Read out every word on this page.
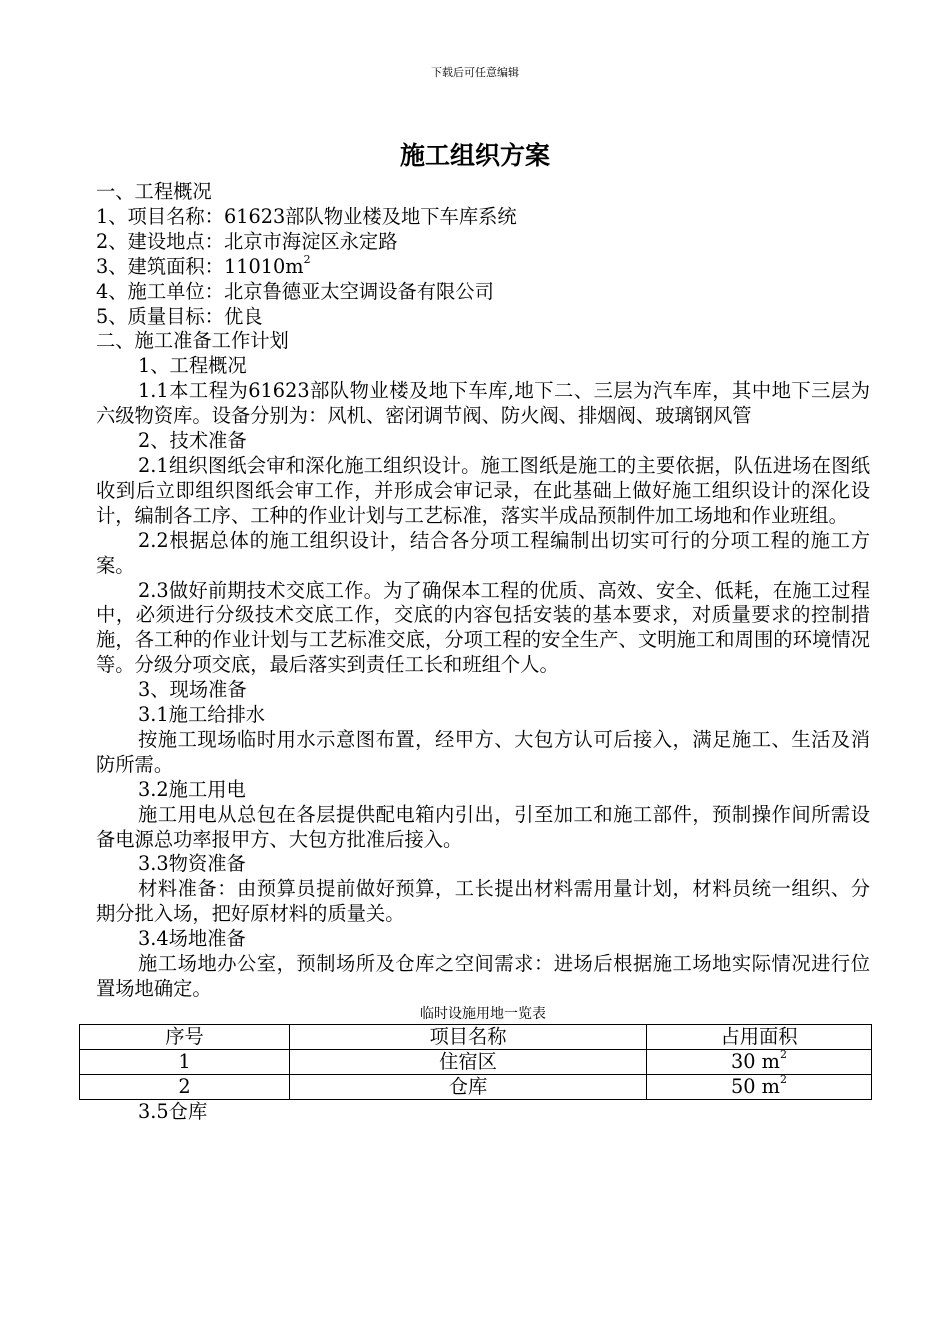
下载后可任意编辑
施工组织方案

一、工程概况

1、项目名称：61623部队物业楼及地下车库系统

2、建设地点：北京市海淀区永定路

3、建筑面积：$11010m^2$

4、施工单位：北京鲁德亚太空调设备有限公司

5、质量目标：优良

二、施工准备工作计划

1、工程概况

1.1本工程为61623部队物业楼及地下车库,地下二、三层为汽车库，其中地下三层为六级物资库。设备分别为：风机、密闭调节阀、防火阀、排烟阀、玻璃钢风管

2、技术准备

2.1组织图纸会审和深化施工组织设计。施工图纸是施工的主要依据，队伍进场在图纸收到后立即组织图纸会审工作，并形成会审记录，在此基础上做好施工组织设计的深化设计，编制各工序、工种的作业计划与工艺标准，落实半成品预制件加工场地和作业班组。

2.2根据总体的施工组织设计，结合各分项工程编制出切实可行的分项工程的施工方案。

2.3做好前期技术交底工作。为了确保本工程的优质、高效、安全、低耗，在施工过程中，必须进行分级技术交底工作，交底的内容包括安装的基本要求，对质量要求的控制措施，各工种的作业计划与工艺标准交底，分项工程的安全生产、文明施工和周围的环境情况等。分级分项交底，最后落实到责任工长和班组个人。

3、现场准备

3.1施工给排水

按施工现场临时用水示意图布置，经甲方、大包方认可后接入，满足施工、生活及消防所需。

3.2施工用电

施工用电从总包在各层提供配电箱内引出，引至加工和施工部件，预制操作间所需设备电源总功率报甲方、大包方批准后接入。

3.3物资准备

材料准备：由预算员提前做好预算，工长提出材料需用量计划，材料员统一组织、分期分批入场，把好原材料的质量关。

3.4场地准备

施工场地办公室，预制场所及仓库之空间需求：进场后根据施工场地实际情况进行位置场地确定。

临时设施用地一览表

序号	项目名称	占用面积
1	住宿区	30 $m^2$
2	仓库	50 $m^2$

3.5仓库
